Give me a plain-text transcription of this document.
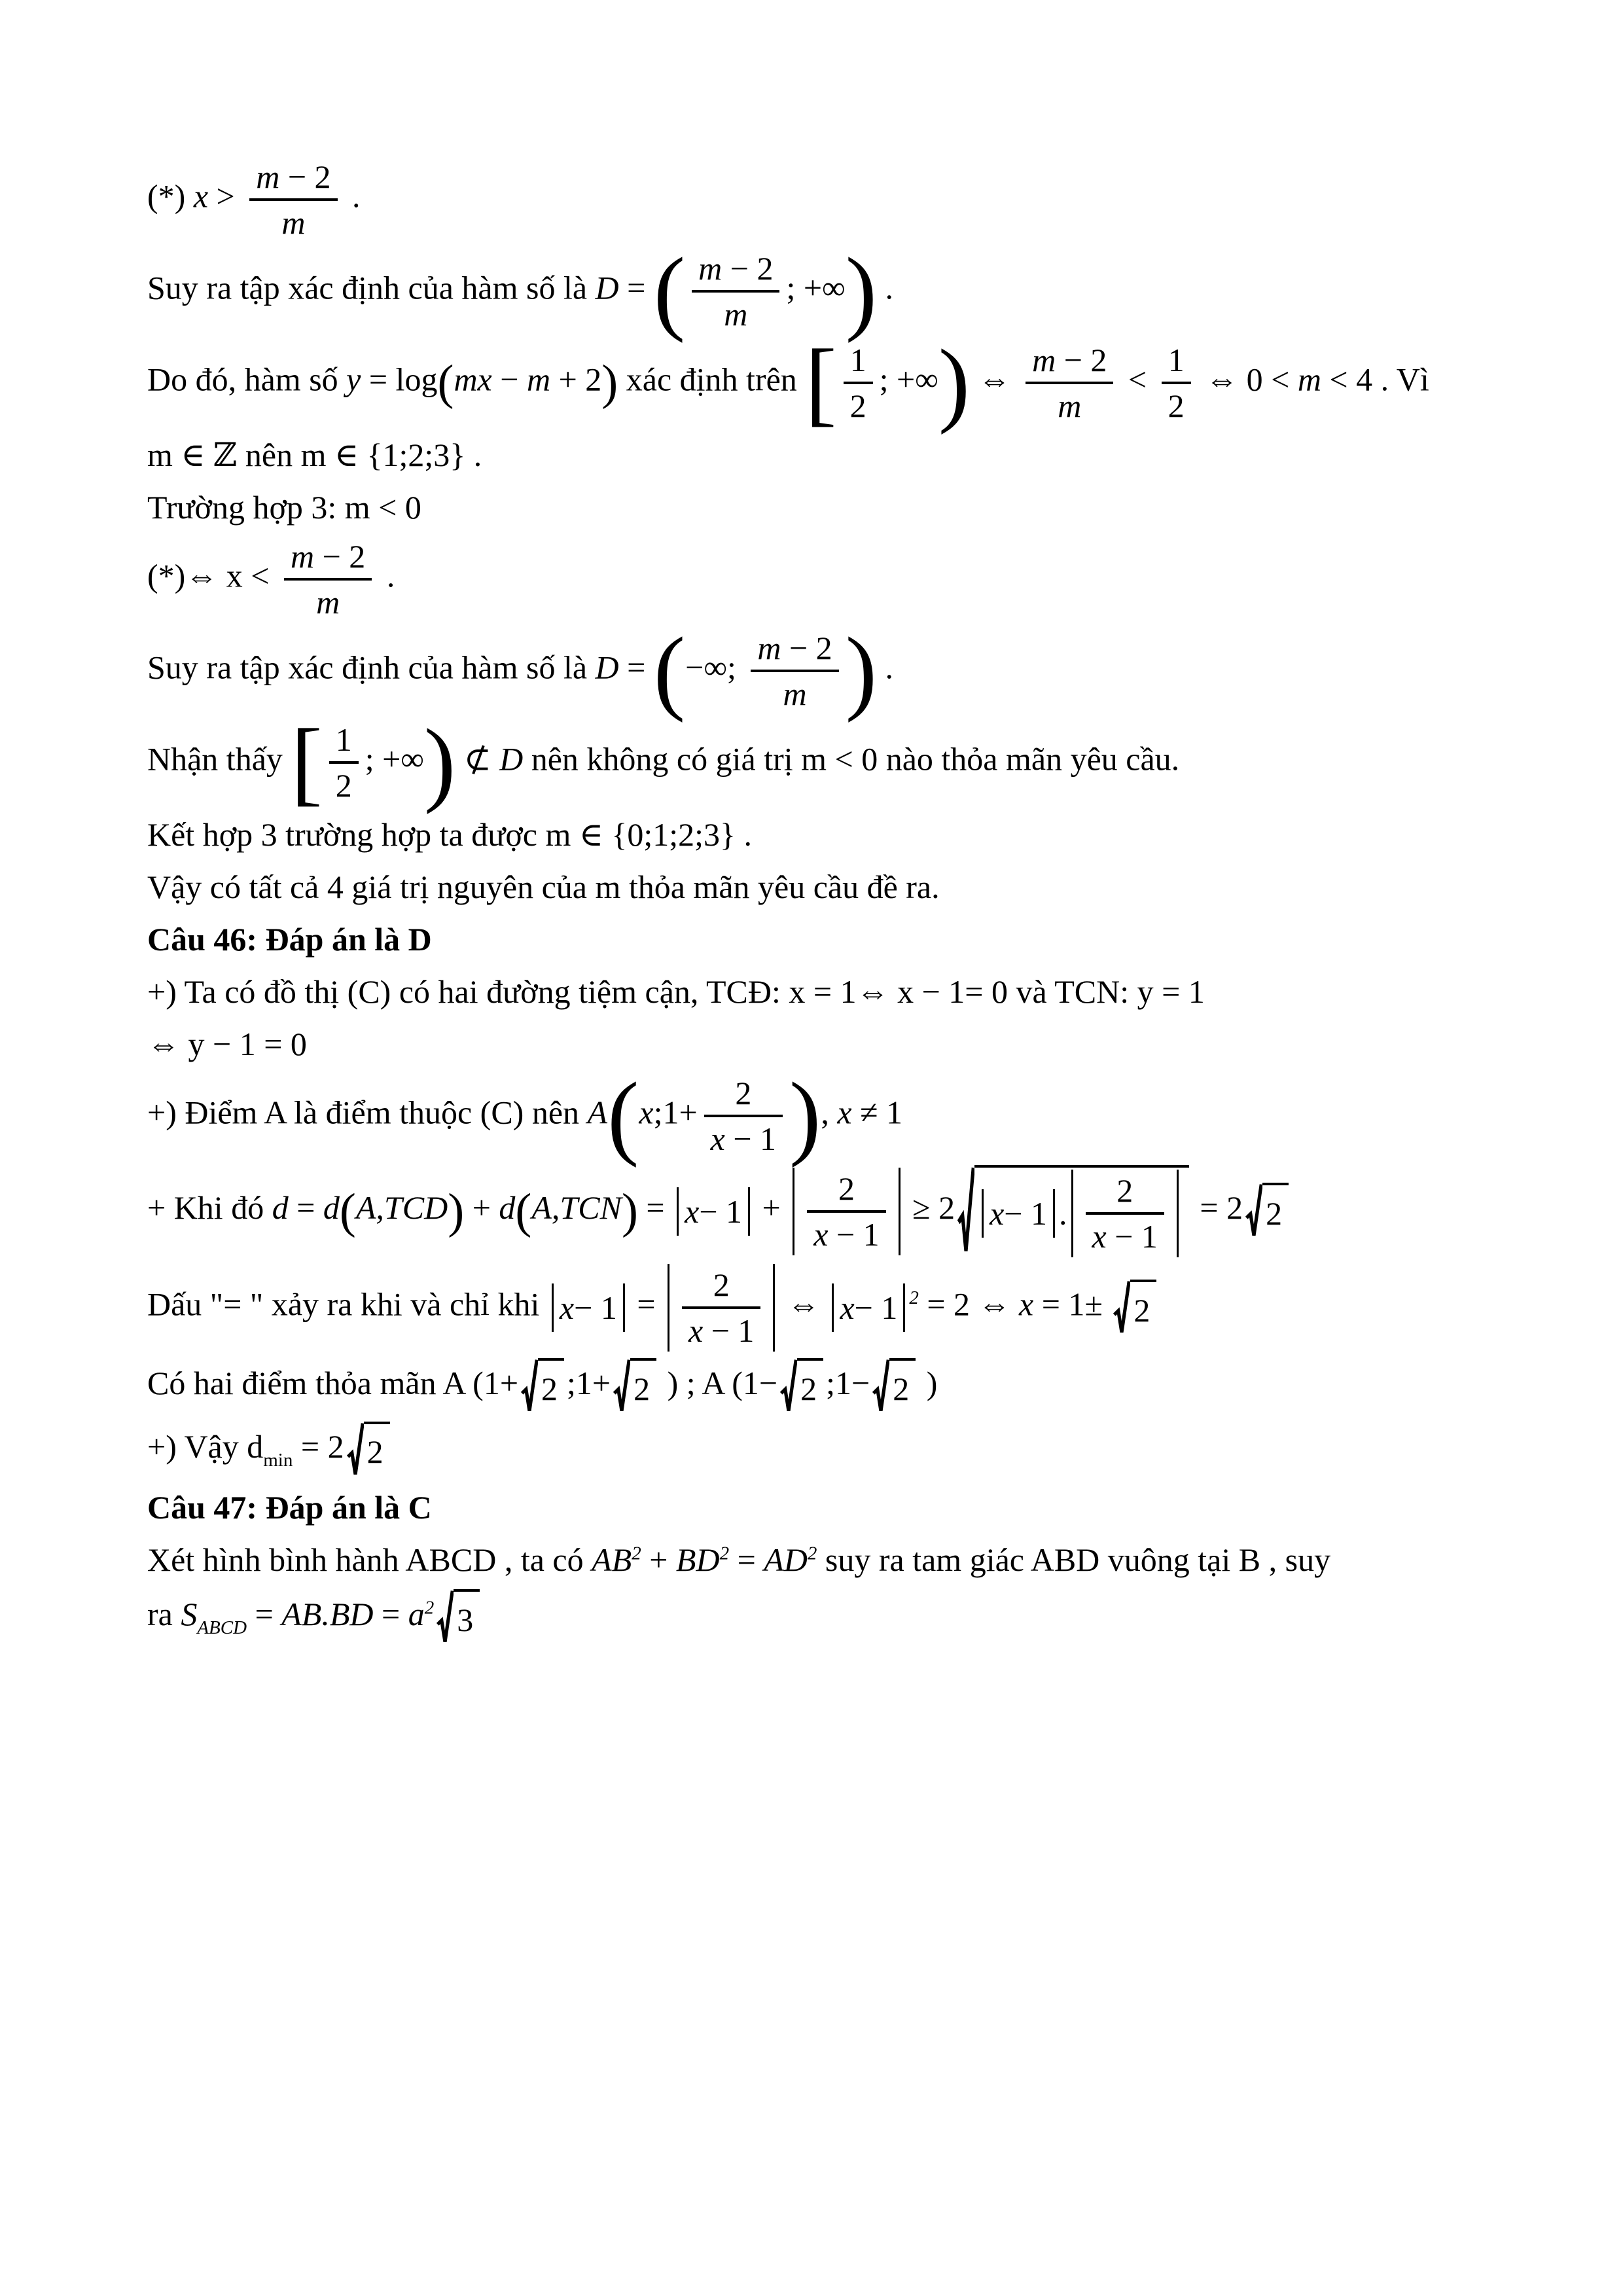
(*) $x > \frac{m - 2}{m}$ .
Suy ra tập xác định của hàm số là D = ( $\frac{m - 2}{m}$ ; +∞) .
Do đó, hàm số y = log(mx − m + 2) xác định trên [ $\frac{1}{2}$ ; +∞) ⇔ $\frac{m - 2}{m} < \frac{1}{2}$ ⇔ 0 < m < 4 . Vì
m ∈ ℤ nên m ∈ {1;2;3} .
Trường hợp 3: m < 0
(*)⇔ $x < \frac{m - 2}{m}$ .
Suy ra tập xác định của hàm số là D = (−∞; $\frac{m - 2}{m}$ ) .
Nhận thấy [ $\frac{1}{2}$ ; +∞) ⊄ D nên không có giá trị m < 0 nào thỏa mãn yêu cầu.
Kết hợp 3 trường hợp ta được m ∈ {0;1;2;3} .
Vậy có tất cả 4 giá trị nguyên của m thỏa mãn yêu cầu đề ra.
Câu 46: Đáp án là D
+) Ta có đồ thị (C) có hai đường tiệm cận, TCĐ: x = 1⇔ x − 1= 0 và TCN: y = 1
⇔ y − 1 = 0
+) Điểm A là điểm thuộc (C) nên A(x;1+ $\frac{2}{x - 1}$ ), x ≠ 1
+ Khi đó $d = d(A,TCD) + d(A,TCN) = x - 1 + \frac{2}{x - 1} \ge 2$ x − 1 . $\frac{2}{x - 1} = 2$ 2
Dấu "= " xảy ra khi và chỉ khi $x - 1 = \frac{2}{x - 1}$ ⇔ x − 1 $^2$ = 2 ⇔ x = 1± 2
Có hai điểm thỏa mãn A (1+ 2 ;1+ 2 ) ; A (1− 2 ;1− 2 )
+) Vậy $d_{min} = 2$ 2
Câu 47: Đáp án là C
Xét hình bình hành ABCD , ta có $AB^2 + BD^2 = AD^2$ suy ra tam giác ABD vuông tại B , suy
ra $S_{ABCD} = AB.BD = a^2$ 3
